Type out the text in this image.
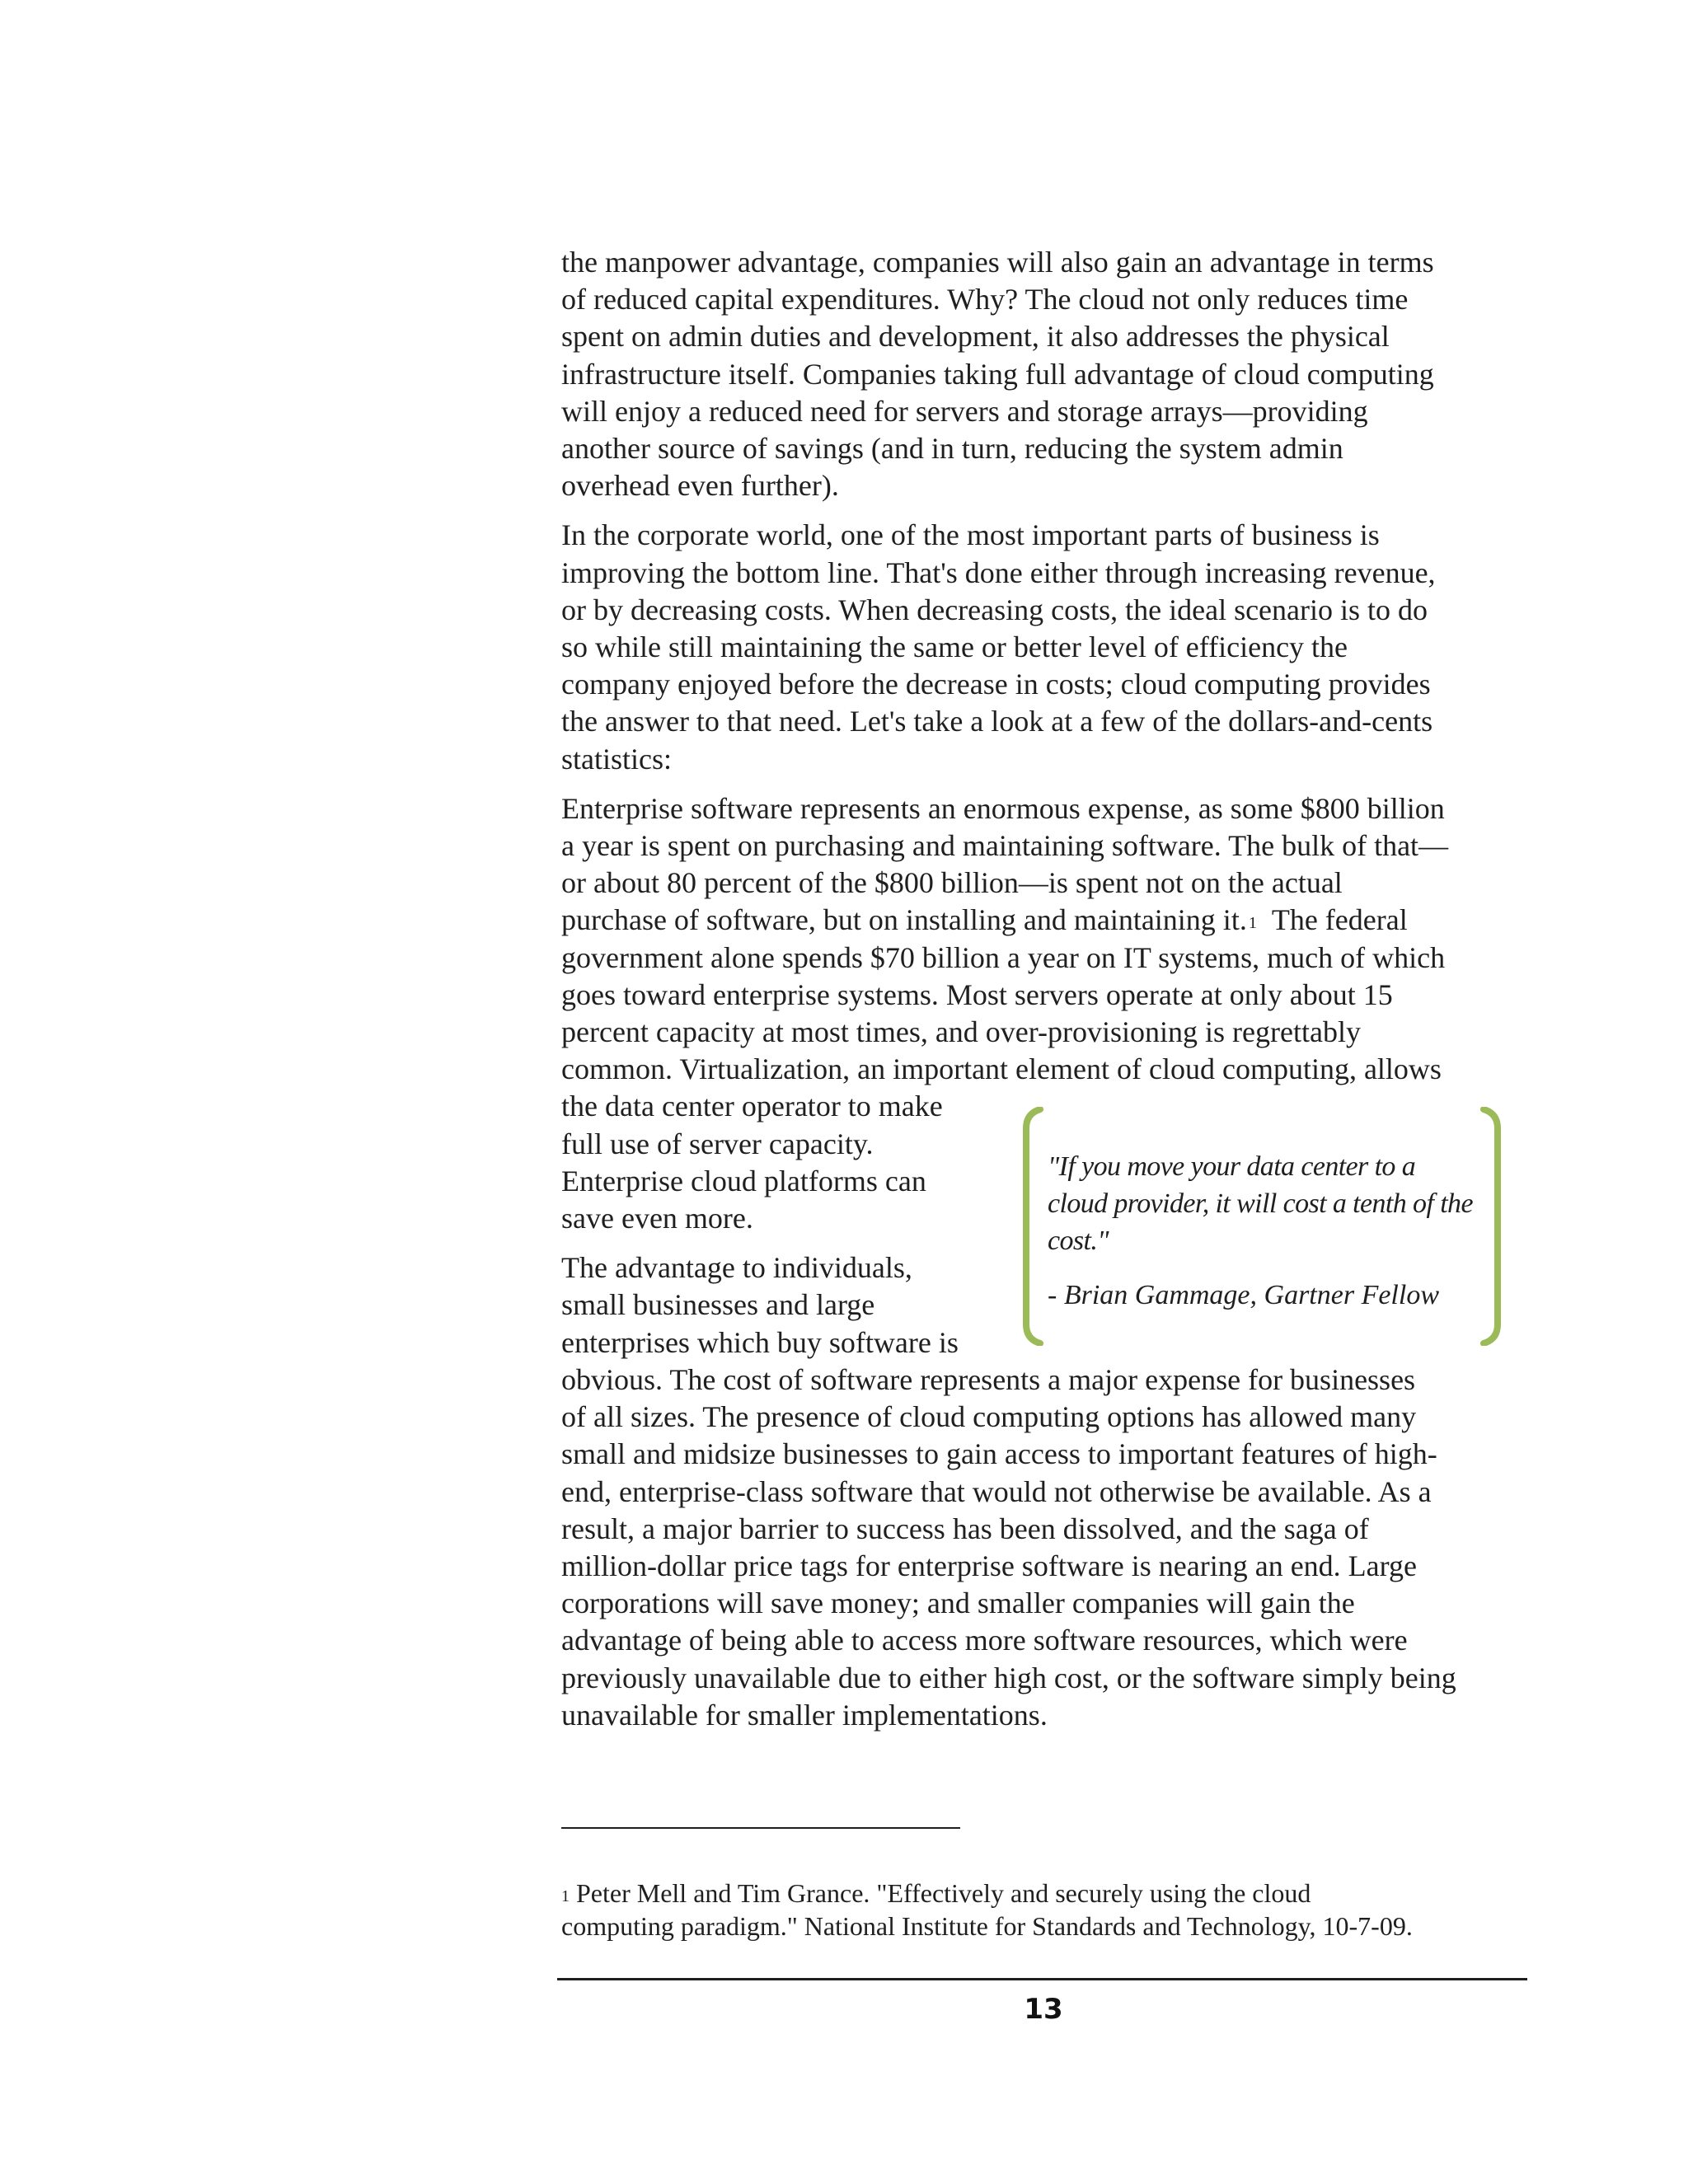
the manpower advantage, companies will also gain an advantage in terms
of reduced capital expenditures. Why? The cloud not only reduces time
spent on admin duties and development, it also addresses the physical
infrastructure itself. Companies taking full advantage of cloud computing
will enjoy a reduced need for servers and storage arrays—providing
another source of savings (and in turn, reducing the system admin
overhead even further).
In the corporate world, one of the most important parts of business is
improving the bottom line. That's done either through increasing revenue,
or by decreasing costs. When decreasing costs, the ideal scenario is to do
so while still maintaining the same or better level of efficiency the
company enjoyed before the decrease in costs; cloud computing provides
the answer to that need. Let's take a look at a few of the dollars-and-cents
statistics:
Enterprise software represents an enormous expense, as some $800 billion
a year is spent on purchasing and maintaining software. The bulk of that—
or about 80 percent of the $800 billion—is spent not on the actual
purchase of software, but on installing and maintaining it. $^1$ The federal
government alone spends $70 billion a year on IT systems, much of which
goes toward enterprise systems. Most servers operate at only about 15
percent capacity at most times, and over-provisioning is regrettably
common. Virtualization, an important element of cloud computing, allows
the data center operator to make
full use of server capacity.
Enterprise cloud platforms can
save even more.
The advantage to individuals,
small businesses and large
enterprises which buy software is
obvious. The cost of software represents a major expense for businesses
of all sizes. The presence of cloud computing options has allowed many
small and midsize businesses to gain access to important features of high-
end, enterprise-class software that would not otherwise be available. As a
result, a major barrier to success has been dissolved, and the saga of
million-dollar price tags for enterprise software is nearing an end. Large
corporations will save money; and smaller companies will gain the
advantage of being able to access more software resources, which were
previously unavailable due to either high cost, or the software simply being
unavailable for smaller implementations.
"If you move your data center to a
cloud provider, it will cost a tenth of the
cost."
- Brian Gammage, Gartner Fellow
$^1$ Peter Mell and Tim Grance. "Effectively and securely using the cloud
computing paradigm." National Institute for Standards and Technology, 10-7-09.
13
